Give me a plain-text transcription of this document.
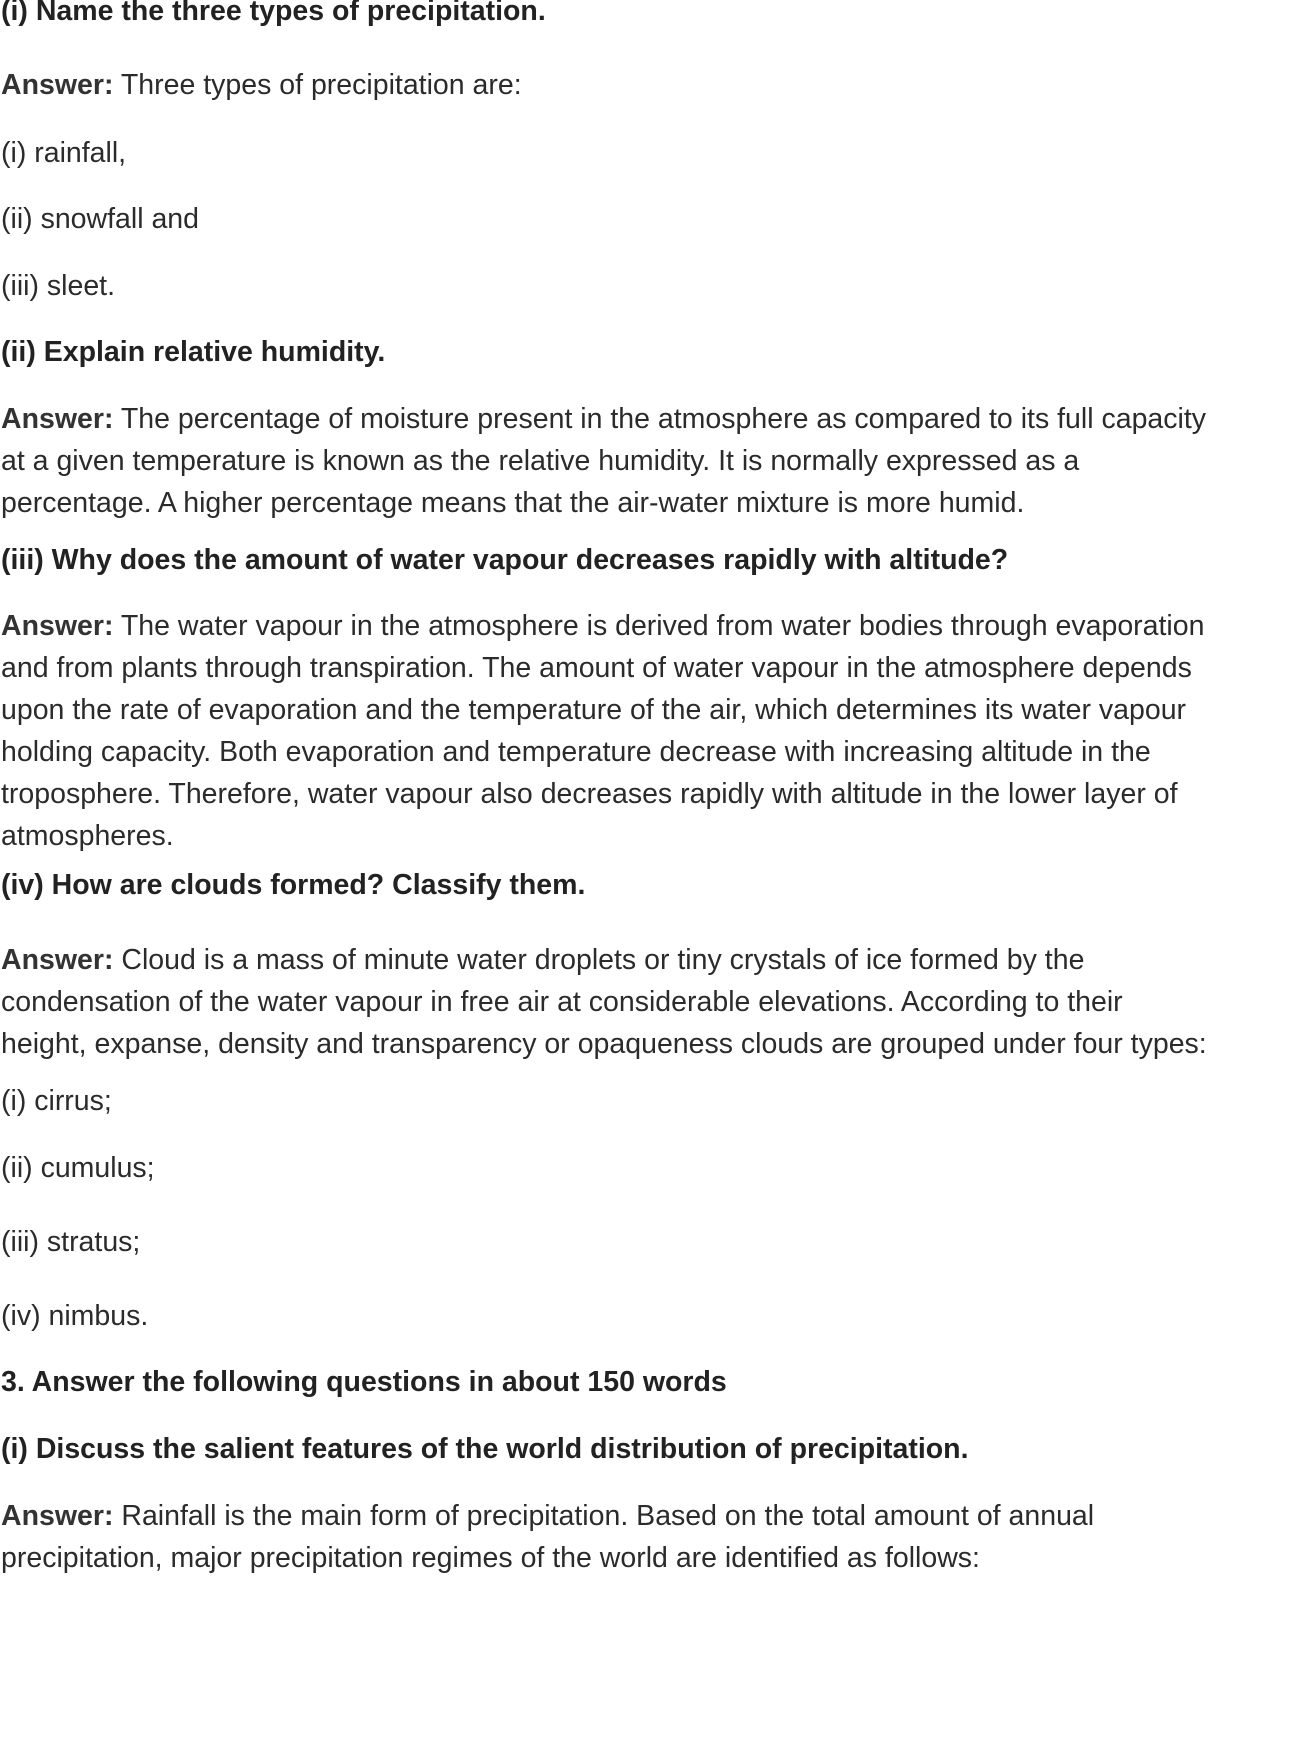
(i) Name the three types of precipitation.

Answer: Three types of precipitation are:

(i) rainfall,

(ii) snowfall and

(iii) sleet.

(ii) Explain relative humidity.

Answer: The percentage of moisture present in the atmosphere as compared to its full capacity
at a given temperature is known as the relative humidity. It is normally expressed as a
percentage. A higher percentage means that the air-water mixture is more humid.

(iii) Why does the amount of water vapour decreases rapidly with altitude?

Answer: The water vapour in the atmosphere is derived from water bodies through evaporation
and from plants through transpiration. The amount of water vapour in the atmosphere depends
upon the rate of evaporation and the temperature of the air, which determines its water vapour
holding capacity. Both evaporation and temperature decrease with increasing altitude in the
troposphere. Therefore, water vapour also decreases rapidly with altitude in the lower layer of
atmospheres.

(iv) How are clouds formed? Classify them.

Answer: Cloud is a mass of minute water droplets or tiny crystals of ice formed by the
condensation of the water vapour in free air at considerable elevations. According to their
height, expanse, density and transparency or opaqueness clouds are grouped under four types:

(i) cirrus;

(ii) cumulus;

(iii) stratus;

(iv) nimbus.

3. Answer the following questions in about 150 words

(i) Discuss the salient features of the world distribution of precipitation.

Answer: Rainfall is the main form of precipitation. Based on the total amount of annual
precipitation, major precipitation regimes of the world are identified as follows:
